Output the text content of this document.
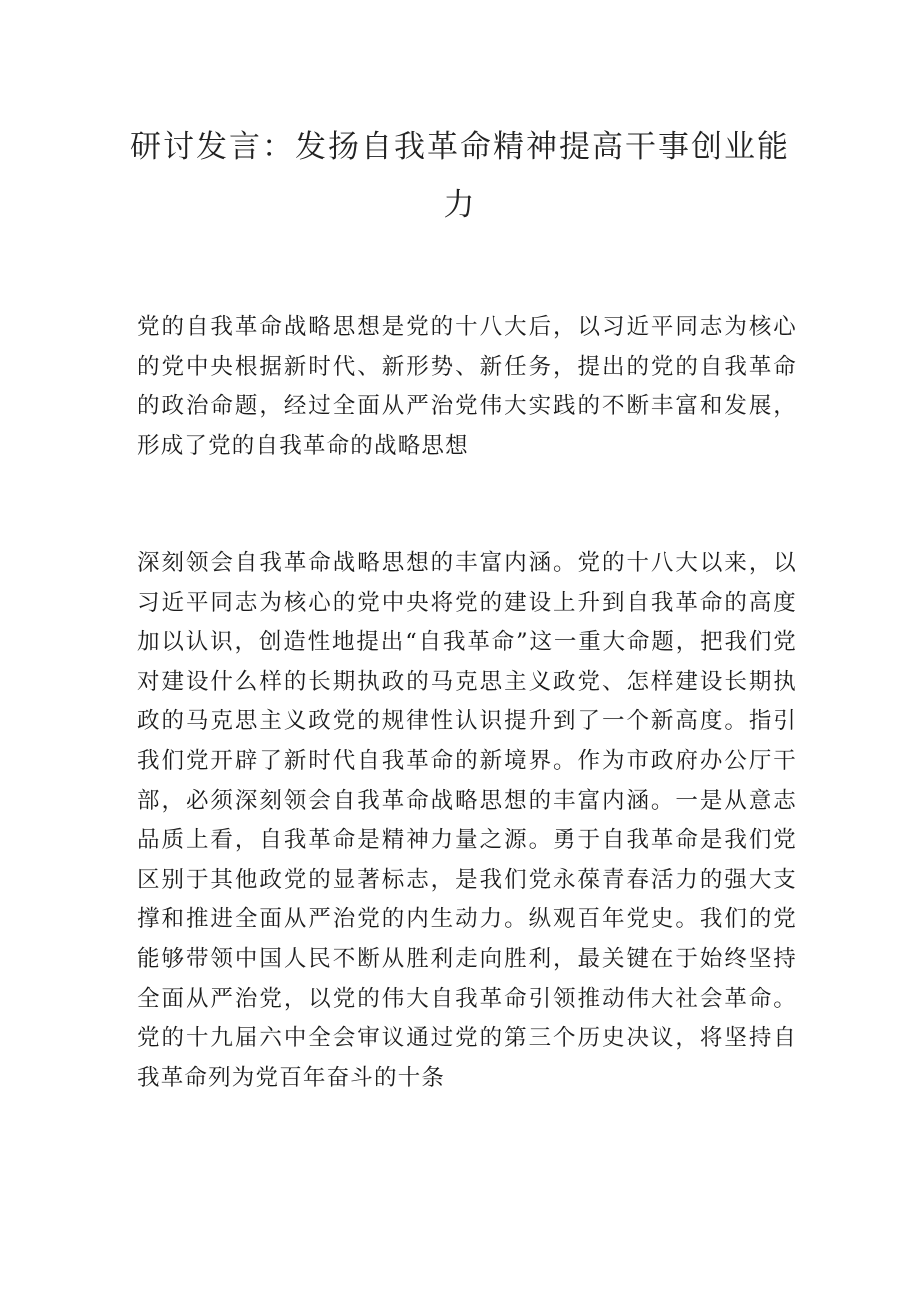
研讨发言：发扬自我革命精神提高干事创业能力

党的自我革命战略思想是党的十八大后，以习近平同志为核心的党中央根据新时代、新形势、新任务，提出的党的自我革命的政治命题，经过全面从严治党伟大实践的不断丰富和发展，形成了党的自我革命的战略思想

深刻领会自我革命战略思想的丰富内涵。党的十八大以来，以习近平同志为核心的党中央将党的建设上升到自我革命的高度加以认识，创造性地提出“自我革命”这一重大命题，把我们党对建设什么样的长期执政的马克思主义政党、怎样建设长期执政的马克思主义政党的规律性认识提升到了一个新高度。指引我们党开辟了新时代自我革命的新境界。作为市政府办公厅干部，必须深刻领会自我革命战略思想的丰富内涵。一是从意志品质上看，自我革命是精神力量之源。勇于自我革命是我们党区别于其他政党的显著标志，是我们党永葆青春活力的强大支撑和推进全面从严治党的内生动力。纵观百年党史。我们的党能够带领中国人民不断从胜利走向胜利，最关键在于始终坚持全面从严治党，以党的伟大自我革命引领推动伟大社会革命。党的十九届六中全会审议通过党的第三个历史决议，将坚持自我革命列为党百年奋斗的十条
